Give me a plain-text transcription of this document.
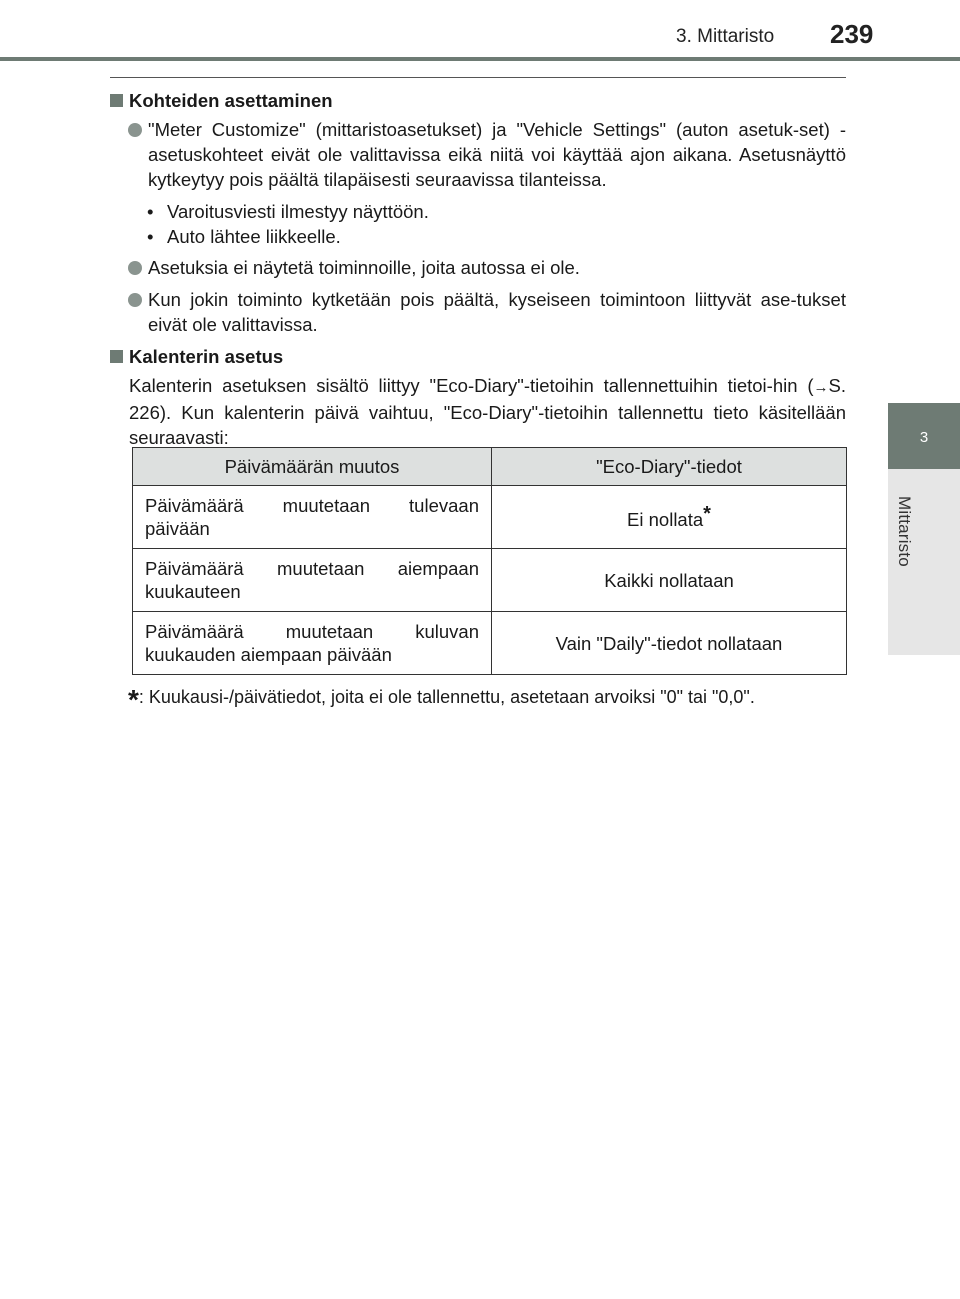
3. Mittaristo 239
3
Mittaristo
Kohteiden asettaminen
"Meter Customize" (mittaristoasetukset) ja "Vehicle Settings" (auton asetuk-set) -asetuskohteet eivät ole valittavissa eikä niitä voi käyttää ajon aikana. Asetusnäyttö kytkeytyy pois päältä tilapäisesti seuraavissa tilanteissa.
• Varoitusviesti ilmestyy näyttöön.
• Auto lähtee liikkeelle.
Asetuksia ei näytetä toiminnoille, joita autossa ei ole.
Kun jokin toiminto kytketään pois päältä, kyseiseen toimintoon liittyvät ase-tukset eivät ole valittavissa.
Kalenterin asetus
Kalenterin asetuksen sisältö liittyy "Eco-Diary"-tietoihin tallennettuihin tietoi-hin (→S. 226). Kun kalenterin päivä vaihtuu, "Eco-Diary"-tietoihin tallennettu tieto käsitellään seuraavasti:
Päivämäärän muutos	"Eco-Diary"-tiedot
Päivämäärä muutetaan tulevaan päivään	Ei nollata*
Päivämäärä muutetaan aiempaan kuukauteen	Kaikki nollataan
Päivämäärä muutetaan kuluvan kuukauden aiempaan päivään	Vain "Daily"-tiedot nollataan
*: Kuukausi-/päivätiedot, joita ei ole tallennettu, asetetaan arvoiksi "0" tai "0,0".
